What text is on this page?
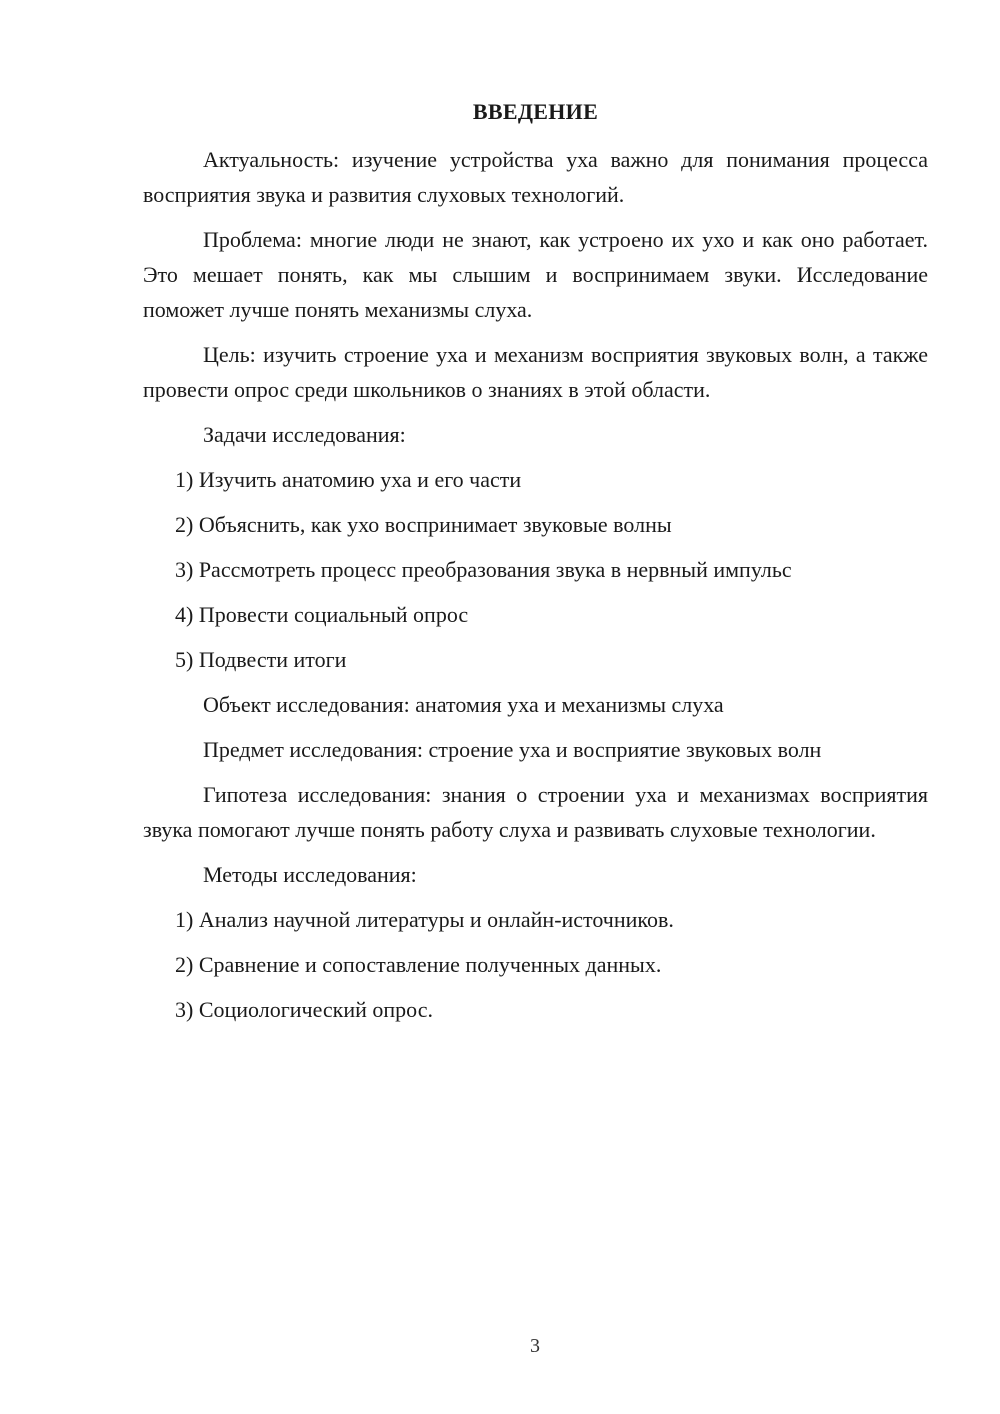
ВВЕДЕНИЕ

Актуальность: изучение устройства уха важно для понимания процесса восприятия звука и развития слуховых технологий.

Проблема: многие люди не знают, как устроено их ухо и как оно работает. Это мешает понять, как мы слышим и воспринимаем звуки. Исследование поможет лучше понять механизмы слуха.

Цель: изучить строение уха и механизм восприятия звуковых волн, а также провести опрос среди школьников о знаниях в этой области.

Задачи исследования:
1) Изучить анатомию уха и его части
2) Объяснить, как ухо воспринимает звуковые волны
3) Рассмотреть процесс преобразования звука в нервный импульс
4) Провести социальный опрос
5) Подвести итоги
Объект исследования: анатомия уха и механизмы слуха
Предмет исследования: строение уха и восприятие звуковых волн

Гипотеза исследования: знания о строении уха и механизмах восприятия звука помогают лучше понять работу слуха и развивать слуховые технологии.

Методы исследования:
1) Анализ научной литературы и онлайн-источников.
2) Сравнение и сопоставление полученных данных.
3) Социологический опрос.
3
